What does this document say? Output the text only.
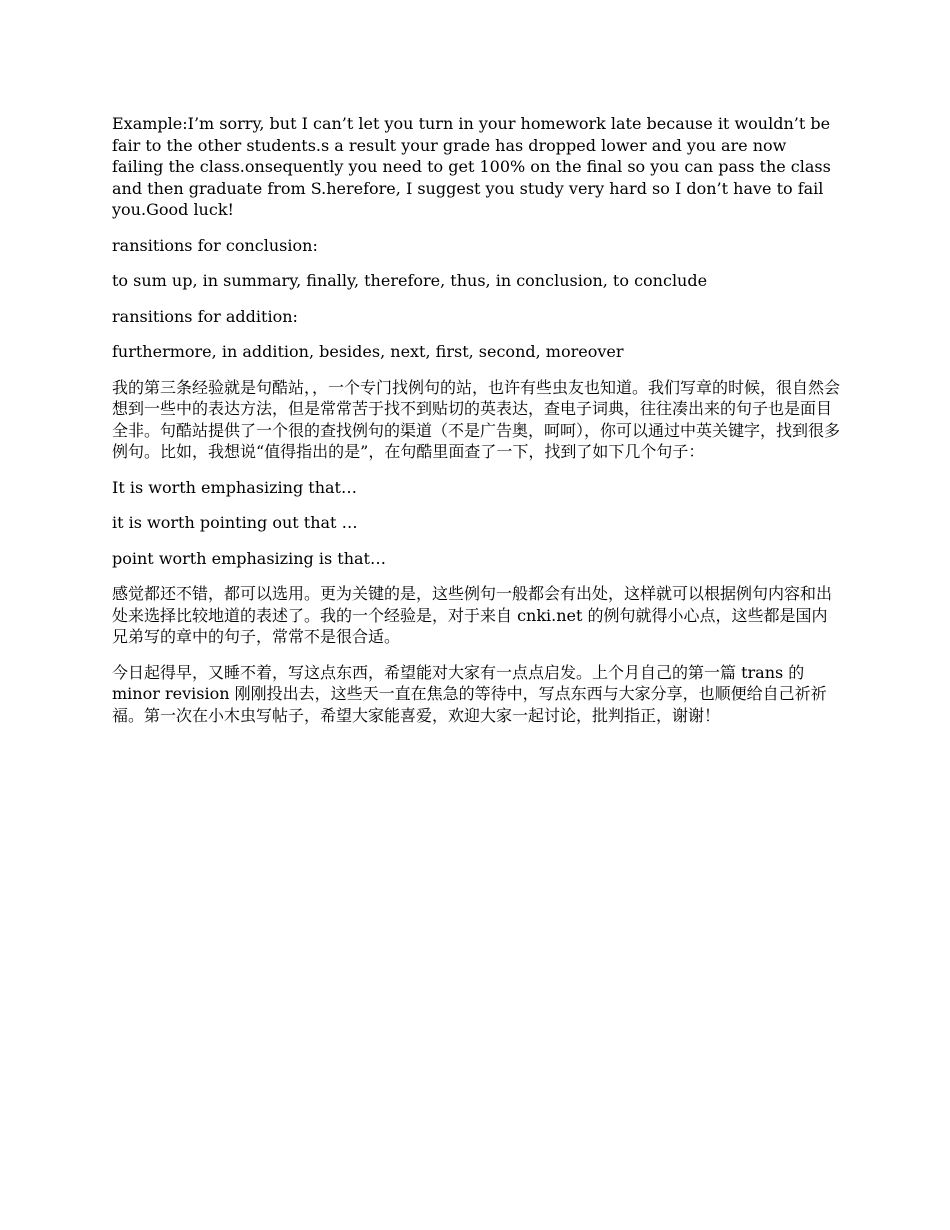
Example:I’m sorry, but I can’t let you turn in your homework late because it wouldn’t be fair to the other students.s a result your grade has dropped lower and you are now failing the class.onsequently you need to get 100% on the final so you can pass the class and then graduate from S.herefore, I suggest you study very hard so I don’t have to fail you.Good luck!

ransitions for conclusion:

to sum up, in summary, finally, therefore, thus, in conclusion, to conclude

ransitions for addition:

furthermore, in addition, besides, next, first, second, moreover

我的第三条经验就是句酷站，，一个专门找例句的站，也许有些虫友也知道。我们写章的时候，很自然会想到一些中的表达方法，但是常常苦于找不到贴切的英表达，查电子词典，往往凑出来的句子也是面目全非。句酷站提供了一个很的查找例句的渠道（不是广告奥，呵呵），你可以通过中英关键字，找到很多例句。比如，我想说“值得指出的是”，在句酷里面查了一下，找到了如下几个句子：

It is worth emphasizing that…

it is worth pointing out that …

point worth emphasizing is that…

感觉都还不错，都可以选用。更为关键的是，这些例句一般都会有出处，这样就可以根据例句内容和出处来选择比较地道的表述了。我的一个经验是，对于来自 cnki.net 的例句就得小心点，这些都是国内兄弟写的章中的句子，常常不是很合适。

今日起得早，又睡不着，写这点东西，希望能对大家有一点点启发。上个月自己的第一篇 trans 的 minor revision 刚刚投出去，这些天一直在焦急的等待中，写点东西与大家分享，也顺便给自己祈祈福。第一次在小木虫写帖子，希望大家能喜爱，欢迎大家一起讨论，批判指正，谢谢！
